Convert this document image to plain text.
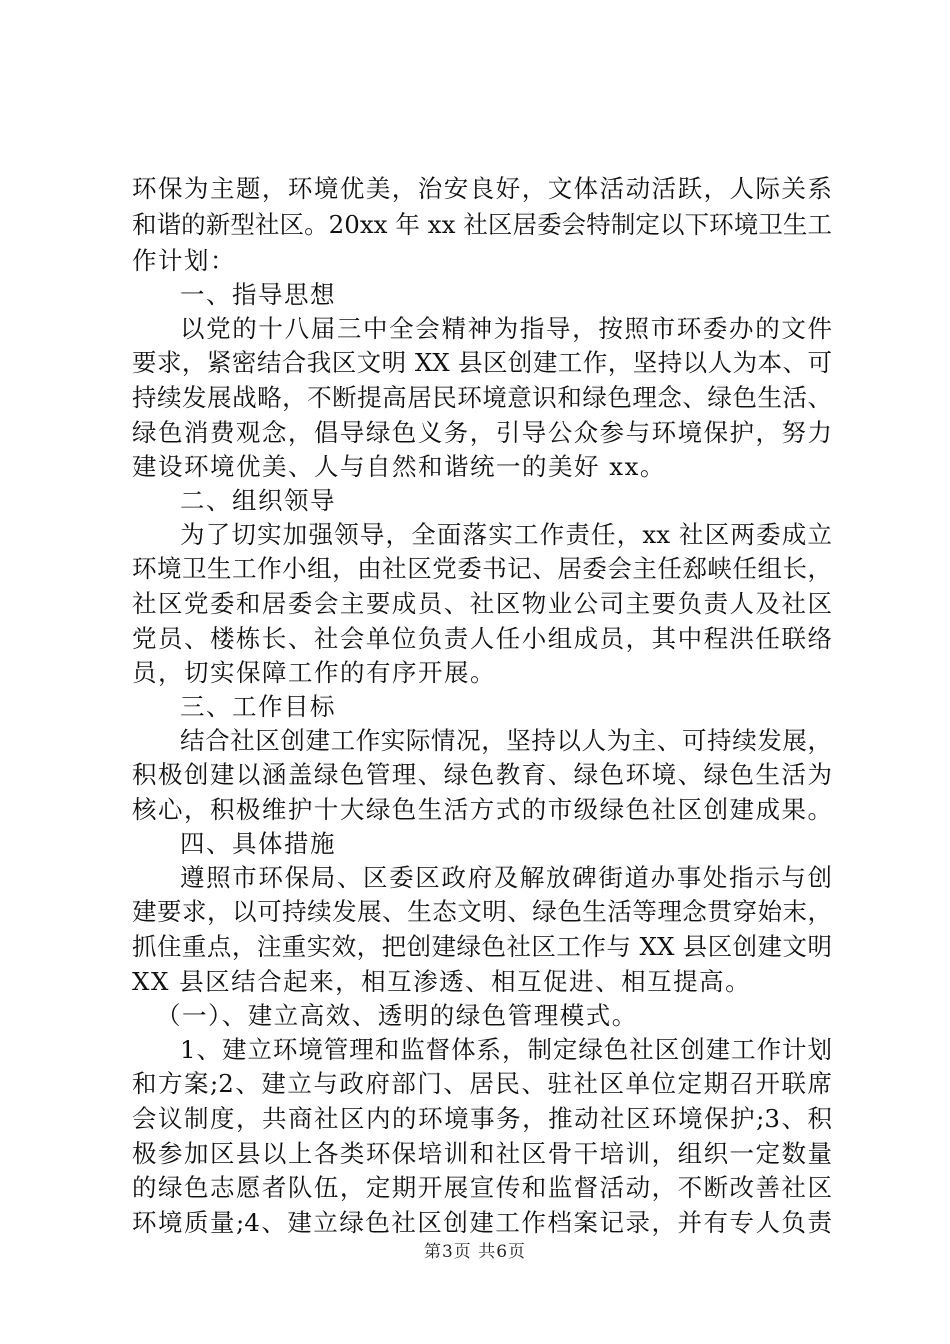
环保为主题，环境优美，治安良好，文体活动活跃，人际关系
和谐的新型社区。20xx 年 xx 社区居委会特制定以下环境卫生工
作计划：
一、指导思想
以党的十八届三中全会精神为指导，按照市环委办的文件
要求，紧密结合我区文明 XX 县区创建工作，坚持以人为本、可
持续发展战略，不断提高居民环境意识和绿色理念、绿色生活、
绿色消费观念，倡导绿色义务，引导公众参与环境保护，努力
建设环境优美、人与自然和谐统一的美好 xx。
二、组织领导
为了切实加强领导，全面落实工作责任，xx 社区两委成立
环境卫生工作小组，由社区党委书记、居委会主任郄峡任组长，
社区党委和居委会主要成员、社区物业公司主要负责人及社区
党员、楼栋长、社会单位负责人任小组成员，其中程洪任联络
员，切实保障工作的有序开展。
三、工作目标
结合社区创建工作实际情况，坚持以人为主、可持续发展，
积极创建以涵盖绿色管理、绿色教育、绿色环境、绿色生活为
核心，积极维护十大绿色生活方式的市级绿色社区创建成果。
四、具体措施
遵照市环保局、区委区政府及解放碑街道办事处指示与创
建要求，以可持续发展、生态文明、绿色生活等理念贯穿始末，
抓住重点，注重实效，把创建绿色社区工作与 XX 县区创建文明
XX 县区结合起来，相互渗透、相互促进、相互提高。
（一）、建立高效、透明的绿色管理模式。
1、建立环境管理和监督体系，制定绿色社区创建工作计划
和方案;2、建立与政府部门、居民、驻社区单位定期召开联席
会议制度，共商社区内的环境事务，推动社区环境保护;3、积
极参加区县以上各类环保培训和社区骨干培训，组织一定数量
的绿色志愿者队伍，定期开展宣传和监督活动，不断改善社区
环境质量;4、建立绿色社区创建工作档案记录，并有专人负责
第3页 共6页
